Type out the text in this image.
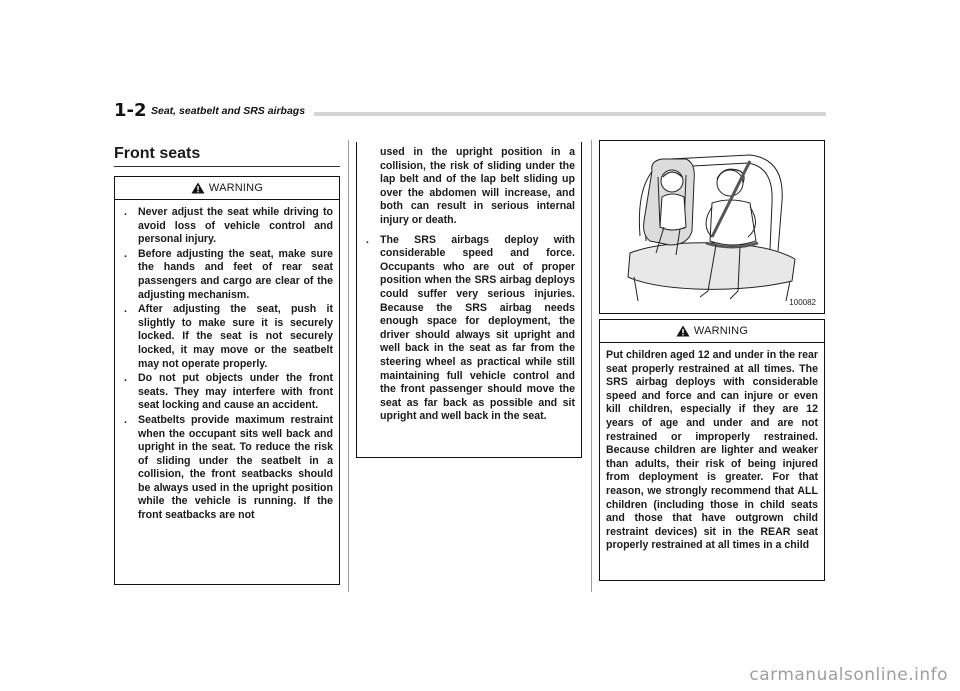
1-2 Seat, seatbelt and SRS airbags
Front seats
WARNING
. Never adjust the seat while driving to avoid loss of vehicle control and personal injury.
. Before adjusting the seat, make sure the hands and feet of rear seat passengers and cargo are clear of the adjusting mechanism.
. After adjusting the seat, push it slightly to make sure it is securely locked. If the seat is not securely locked, it may move or the seatbelt may not operate properly.
. Do not put objects under the front seats. They may interfere with front seat locking and cause an accident.
. Seatbelts provide maximum restraint when the occupant sits well back and upright in the seat. To reduce the risk of sliding under the seatbelt in a collision, the front seatbacks should be always used in the upright position while the vehicle is running. If the front seatbacks are not
used in the upright position in a collision, the risk of sliding under the lap belt and of the lap belt sliding up over the abdomen will increase, and both can result in serious internal injury or death.
. The SRS airbags deploy with considerable speed and force. Occupants who are out of proper position when the SRS airbag deploys could suffer very serious injuries. Because the SRS airbag needs enough space for deployment, the driver should always sit upright and well back in the seat as far from the steering wheel as practical while still maintaining full vehicle control and the front passenger should move the seat as far back as possible and sit upright and well back in the seat.
100082
WARNING
Put children aged 12 and under in the rear seat properly restrained at all times. The SRS airbag deploys with considerable speed and force and can injure or even kill children, especially if they are 12 years of age and under and are not restrained or improperly restrained. Because children are lighter and weaker than adults, their risk of being injured from deployment is greater. For that reason, we strongly recommend that ALL children (including those in child seats and those that have outgrown child restraint devices) sit in the REAR seat properly restrained at all times in a child
carmanualsonline.info
